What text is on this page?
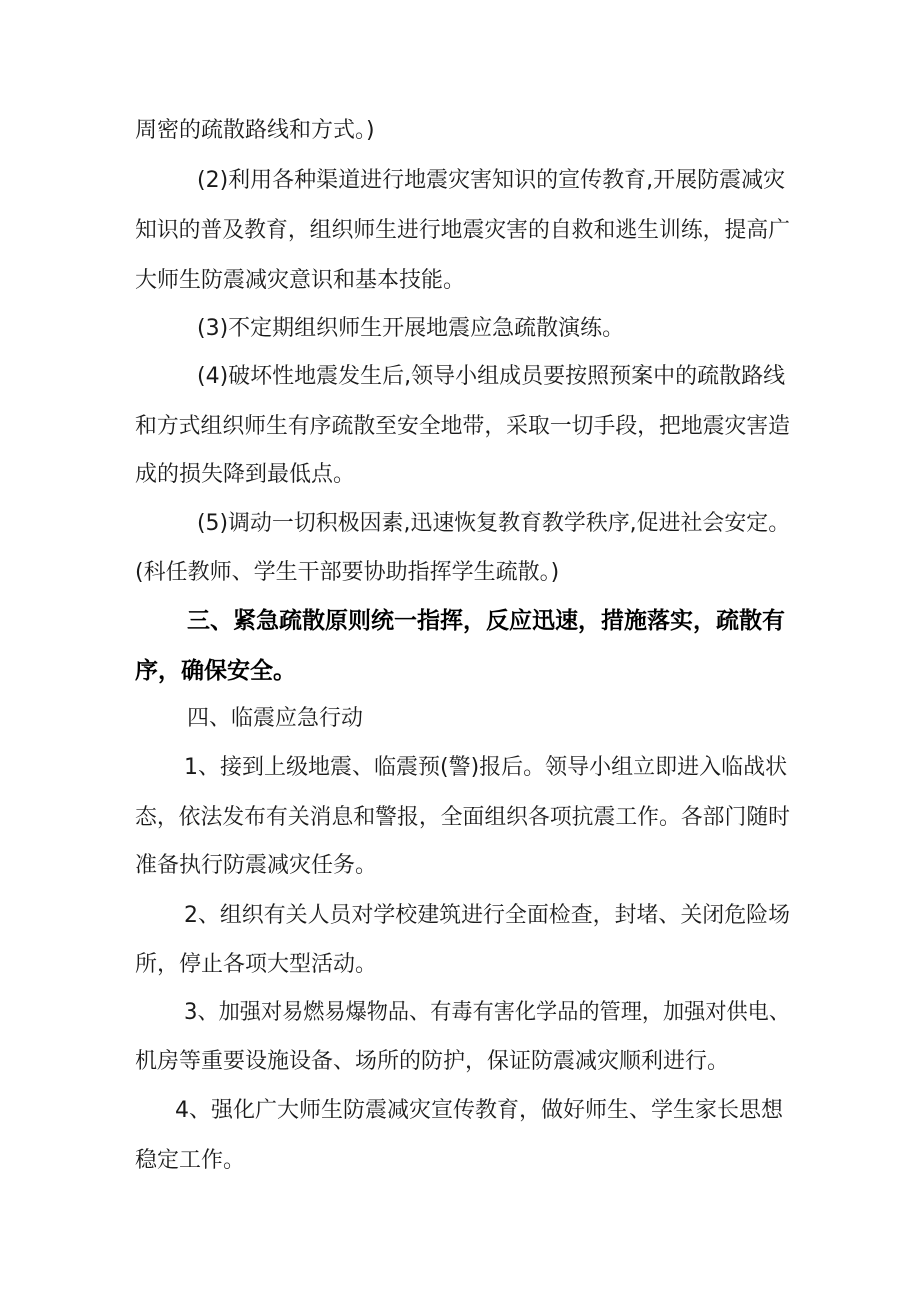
周密的疏散路线和方式。)
(2)利用各种渠道进行地震灾害知识的宣传教育,开展防震减灾
知识的普及教育，组织师生进行地震灾害的自救和逃生训练，提高广
大师生防震减灾意识和基本技能。
(3)不定期组织师生开展地震应急疏散演练。
(4)破坏性地震发生后,领导小组成员要按照预案中的疏散路线
和方式组织师生有序疏散至安全地带，采取一切手段，把地震灾害造
成的损失降到最低点。
(5)调动一切积极因素,迅速恢复教育教学秩序,促进社会安定。
(科任教师、学生干部要协助指挥学生疏散。)
三、紧急疏散原则统一指挥，反应迅速，措施落实，疏散有
序，确保安全。
四、临震应急行动
1、接到上级地震、临震预(警)报后。领导小组立即进入临战状
态，依法发布有关消息和警报，全面组织各项抗震工作。各部门随时
准备执行防震减灾任务。
2、组织有关人员对学校建筑进行全面检查，封堵、关闭危险场
所，停止各项大型活动。
3、加强对易燃易爆物品、有毒有害化学品的管理，加强对供电、
机房等重要设施设备、场所的防护，保证防震减灾顺利进行。
4、强化广大师生防震减灾宣传教育，做好师生、学生家长思想
稳定工作。
